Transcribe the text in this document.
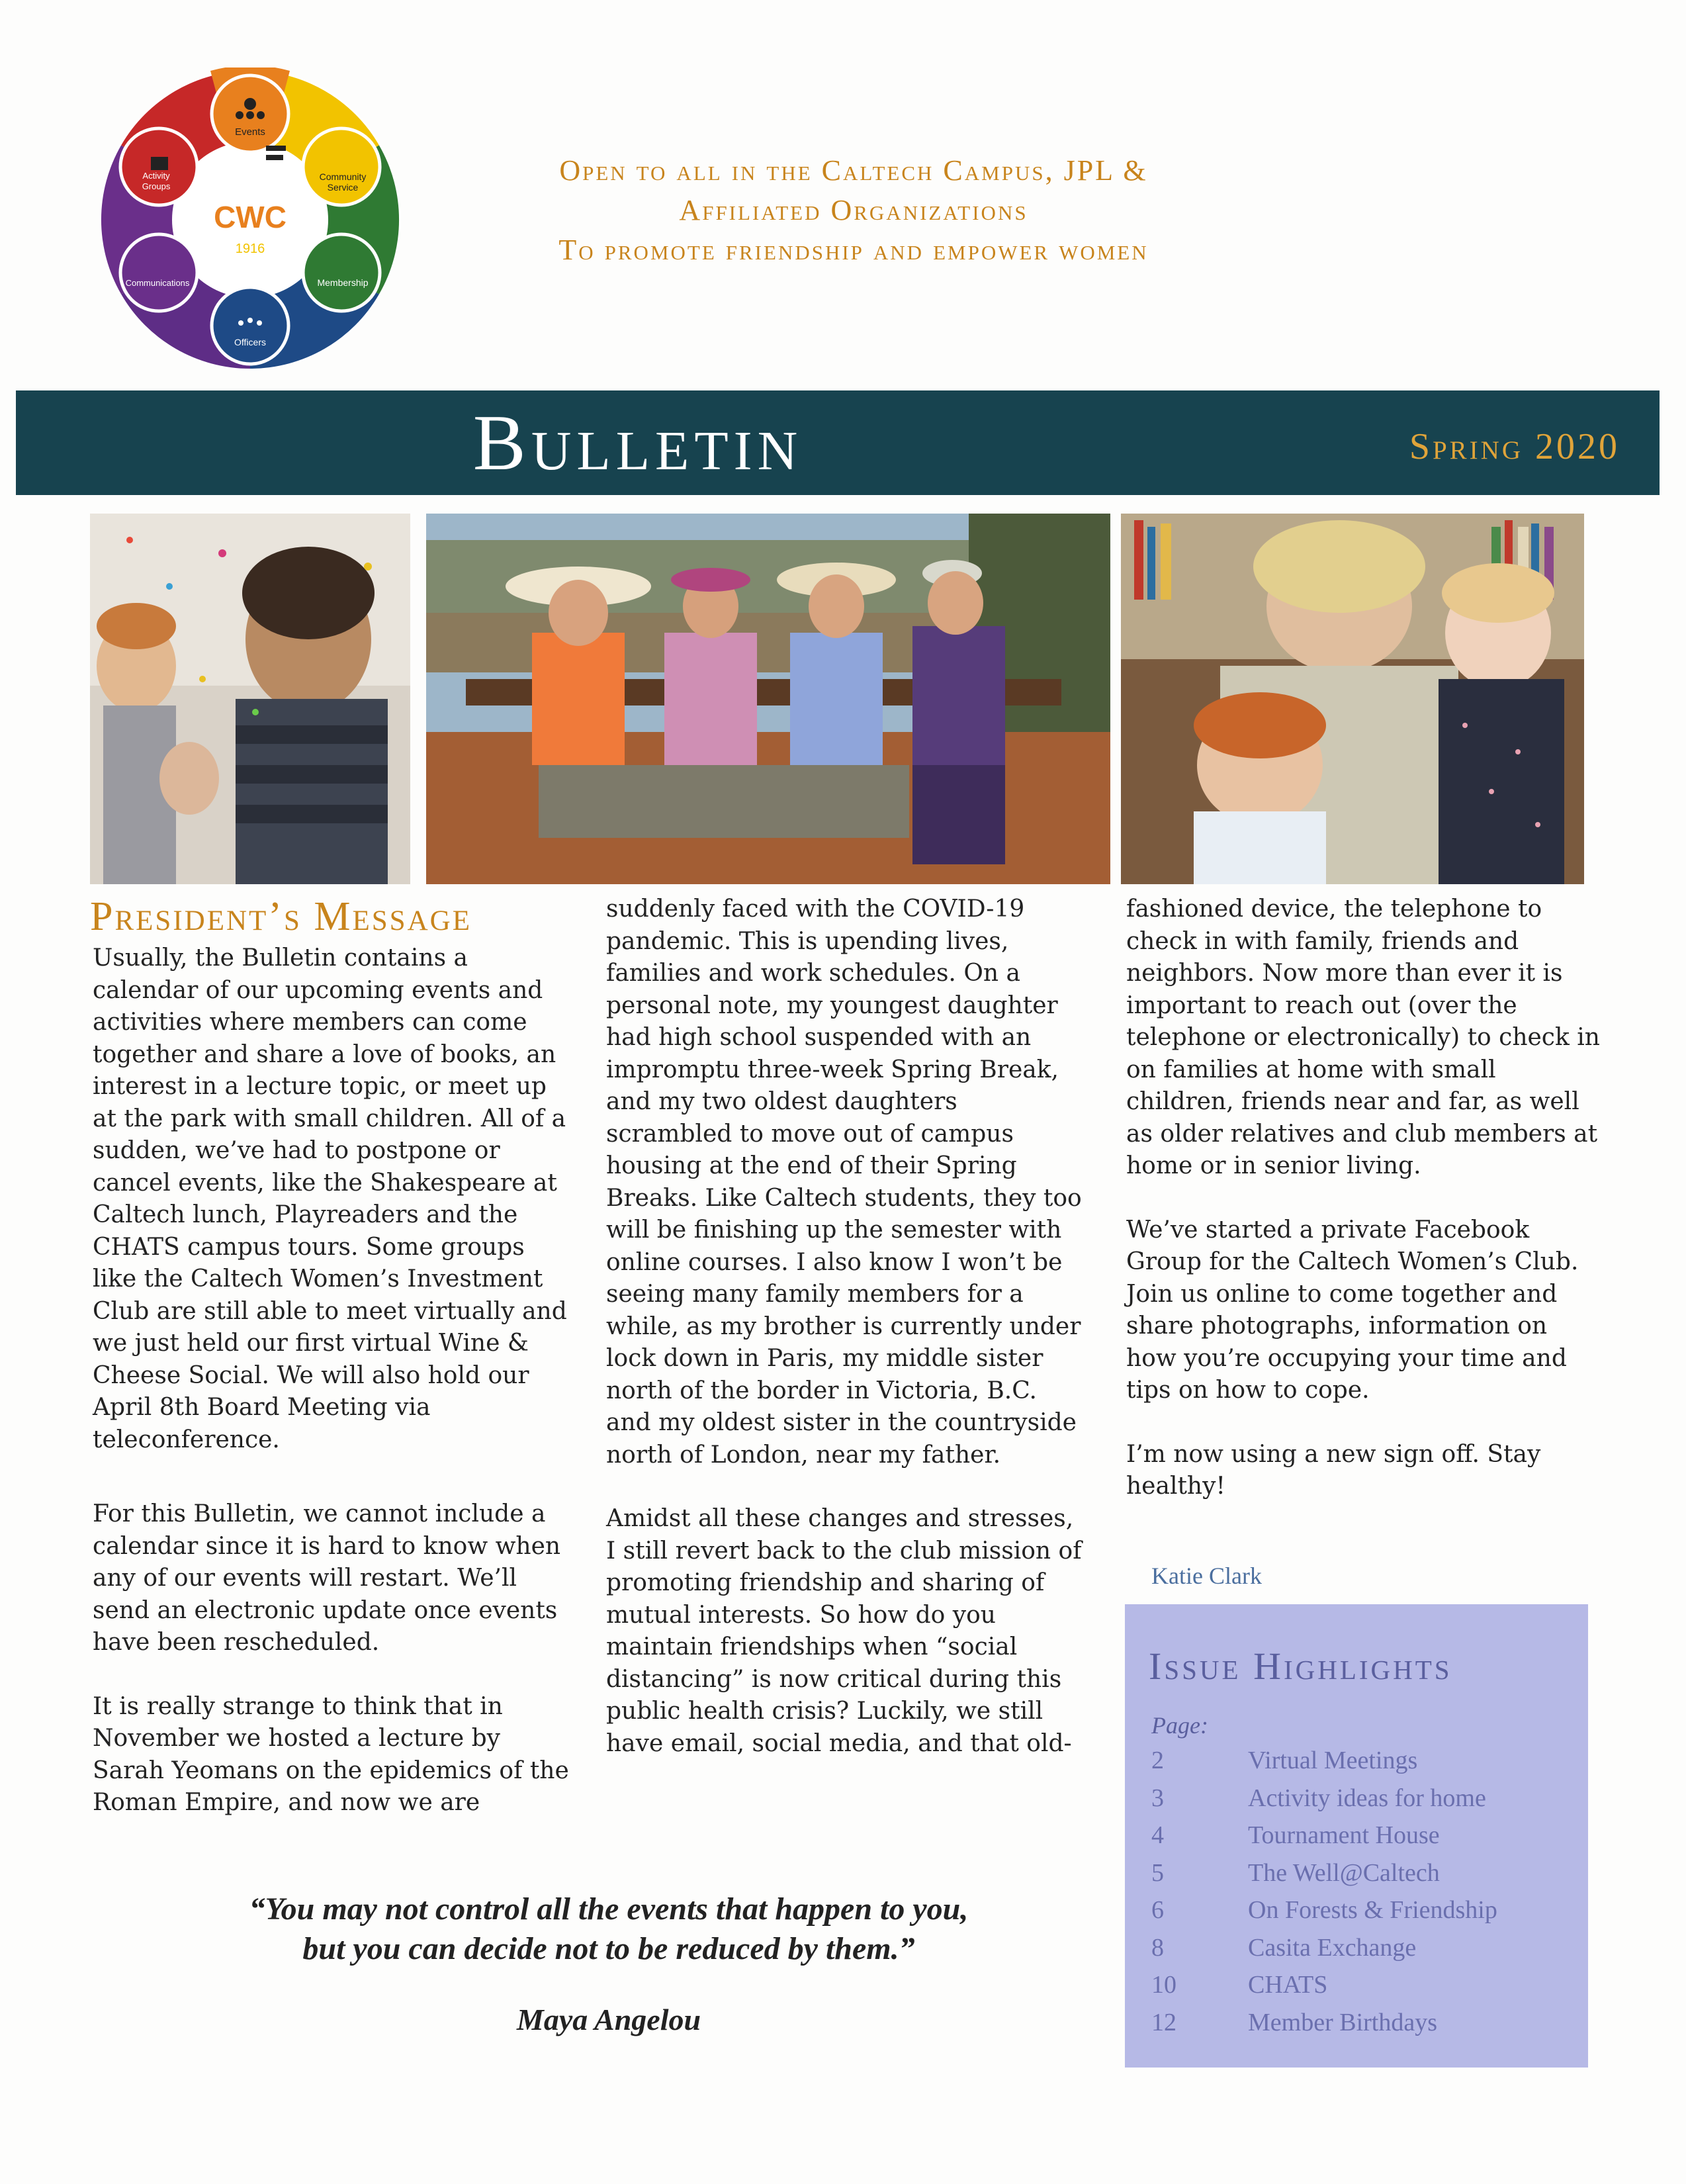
Events
Community
Service
Membership
Officers
Communications
Activity
Groups
CWC
1916
Open to all in the Caltech Campus, JPL &
Affiliated Organizations
To promote friendship and empower women
Bulletin	Spring 2020
President’s Message

Usually, the Bulletin contains a calendar of our upcoming events and activities where members can come together and share a love of books, an interest in a lecture topic, or meet up at the park with small children. All of a sudden, we’ve had to postpone or cancel events, like the Shakespeare at Caltech lunch, Playreaders and the CHATS campus tours. Some groups like the Caltech Women’s Investment Club are still able to meet virtually and we just held our first virtual Wine & Cheese Social. We will also hold our April 8th Board Meeting via teleconference.

For this Bulletin, we cannot include a calendar since it is hard to know when any of our events will restart. We’ll send an electronic update once events have been rescheduled.

It is really strange to think that in November we hosted a lecture by Sarah Yeomans on the epidemics of the Roman Empire, and now we are

suddenly faced with the COVID-19 pandemic. This is upending lives, families and work schedules. On a personal note, my youngest daughter had high school suspended with an impromptu three-week Spring Break, and my two oldest daughters scrambled to move out of campus housing at the end of their Spring Breaks. Like Caltech students, they too will be finishing up the semester with online courses. I also know I won’t be seeing many family members for a while, as my brother is currently under lock down in Paris, my middle sister north of the border in Victoria, B.C. and my oldest sister in the countryside north of London, near my father.

Amidst all these changes and stresses, I still revert back to the club mission of promoting friendship and sharing of mutual interests. So how do you maintain friendships when “social distancing” is now critical during this public health crisis? Luckily, we still have email, social media, and that old-

fashioned device, the telephone to check in with family, friends and neighbors. Now more than ever it is important to reach out (over the telephone or electronically) to check in on families at home with small children, friends near and far, as well as older relatives and club members at home or in senior living.

We’ve started a private Facebook Group for the Caltech Women’s Club. Join us online to come together and share photographs, information on how you’re occupying your time and tips on how to cope.

I’m now using a new sign off. Stay healthy!

Katie Clark
Issue Highlights
Page:
2	Virtual Meetings
3	Activity ideas for home
4	Tournament House
5	The Well@Caltech
6	On Forests & Friendship
8	Casita Exchange
10	CHATS
12	Member Birthdays
“You may not control all the events that happen to you,
but you can decide not to be reduced by them.”
Maya Angelou
